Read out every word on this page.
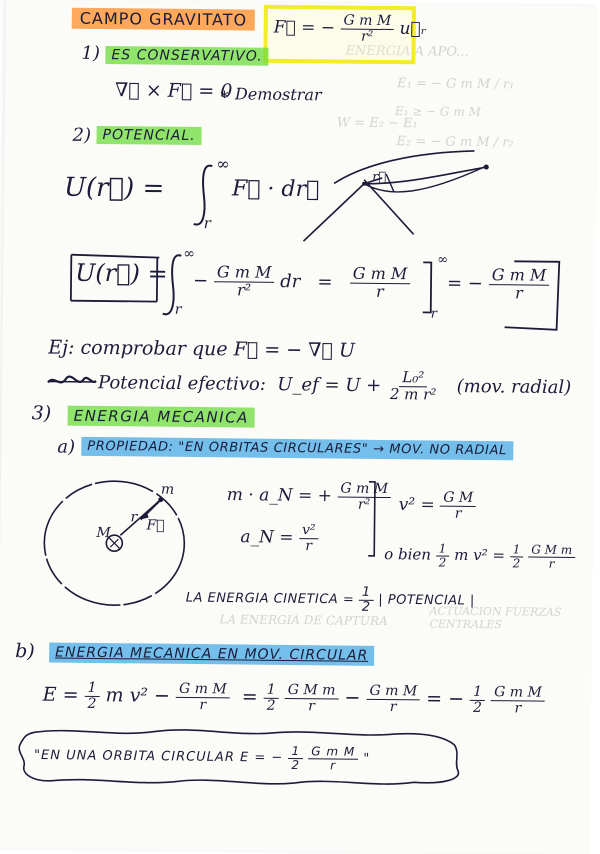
ENERGIA A APO...
E₁ = − G m M / r₁
E₁ ≥ − G m M
E₂ = − G m M / r₂
W = E₂ − E₁
LA ENERGIA DE CAPTURA
ACTUACION FUERZAS CENTRALES
CAMPO GRAVITATO	F⃗ = − $\frac{\text{G m M}}{\text{r²}}$ u⃗ᵣ
1) ES CONSERVATIVO.
∇⃗ × F⃗ = 0
∗ Demostrar
2) POTENCIAL.
U(r⃗) =
∞
r
F⃗ · dr⃗	r⃗
U(r⃗) =
∞
r
− $\frac{\text{G m M}}{\text{r²}}$ dr = $\frac{\text{G m M}}{r}$
∞
r
= − $\frac{\text{G m M}}{r}$
Ej: comprobar que F⃗ = − ∇⃗ U
Potencial efectivo: U_ef = $U + \frac{\text{L₀²}}{\text{2 m r²}} (mov$. radial)
3)	ENERGIA MECANICA
a) PROPIEDAD: "EN ORBITAS CIRCULARES" → MOV. NO RADIAL
m
M
r
F⃗
m · a_N = + $\frac{\text{G m M}}{\text{r²}}$
a_N = $\frac{\text{v²}}{r}$
$v^2 = \frac{\text{G M}}{r}$
o bien $\frac{1}{2}$ m $v^2 = \frac{1}{2}$
$\frac{\text{G M m}}{r}$
LA ENERGIA CINETICA = $\frac{1}{2}$ | POTENCIAL |
b)	ENERGIA MECANICA EN MOV. CIRCULAR
$E = \frac{1}{2}$ m $v^2 - \frac{\text{G m M}}{r} = \frac{1}{2}$
$\frac{\text{G M m}}{r} - \frac{\text{G m M}}{r}$ = − $\frac{1}{2}$
$\frac{\text{G m M}}{r}$
"EN UNA ORBITA CIRCULAR E = − $\frac{1}{2}$
$\frac{\text{G m M}}{r}$ "
